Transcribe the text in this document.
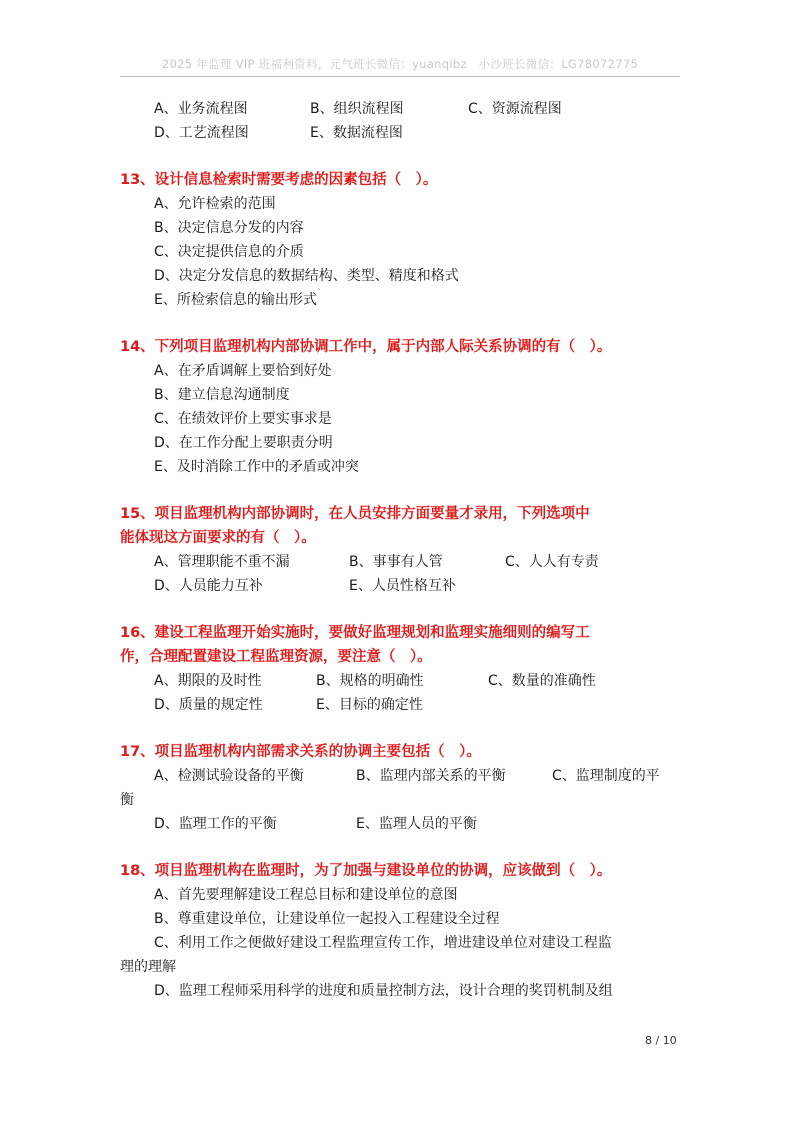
2025 年监理 VIP 班福利资料，元气班长微信：yuanqibz　小沙班长微信：LG78072775
A、业务流程图	B、组织流程图	C、资源流程图
D、工艺流程图	E、数据流程图
13、设计信息检索时需要考虑的因素包括（　）。
A、允许检索的范围
B、决定信息分发的内容
C、决定提供信息的介质
D、决定分发信息的数据结构、类型、精度和格式
E、所检索信息的输出形式
14、下列项目监理机构内部协调工作中，属于内部人际关系协调的有（　）。
A、在矛盾调解上要恰到好处
B、建立信息沟通制度
C、在绩效评价上要实事求是
D、在工作分配上要职责分明
E、及时消除工作中的矛盾或冲突
15、项目监理机构内部协调时，在人员安排方面要量才录用，下列选项中
能体现这方面要求的有（　）。
A、管理职能不重不漏	B、事事有人管	C、人人有专责
D、人员能力互补	E、人员性格互补
16、建设工程监理开始实施时，要做好监理规划和监理实施细则的编写工
作，合理配置建设工程监理资源，要注意（　）。
A、期限的及时性	B、规格的明确性	C、数量的准确性
D、质量的规定性	E、目标的确定性
17、项目监理机构内部需求关系的协调主要包括（　）。
A、检测试验设备的平衡	B、监理内部关系的平衡	C、监理制度的平
衡
D、监理工作的平衡	E、监理人员的平衡
18、项目监理机构在监理时，为了加强与建设单位的协调，应该做到（　）。
A、首先要理解建设工程总目标和建设单位的意图
B、尊重建设单位，让建设单位一起投入工程建设全过程
C、利用工作之便做好建设工程监理宣传工作，增进建设单位对建设工程监
理的理解
D、监理工程师采用科学的进度和质量控制方法，设计合理的奖罚机制及组
8 / 10
